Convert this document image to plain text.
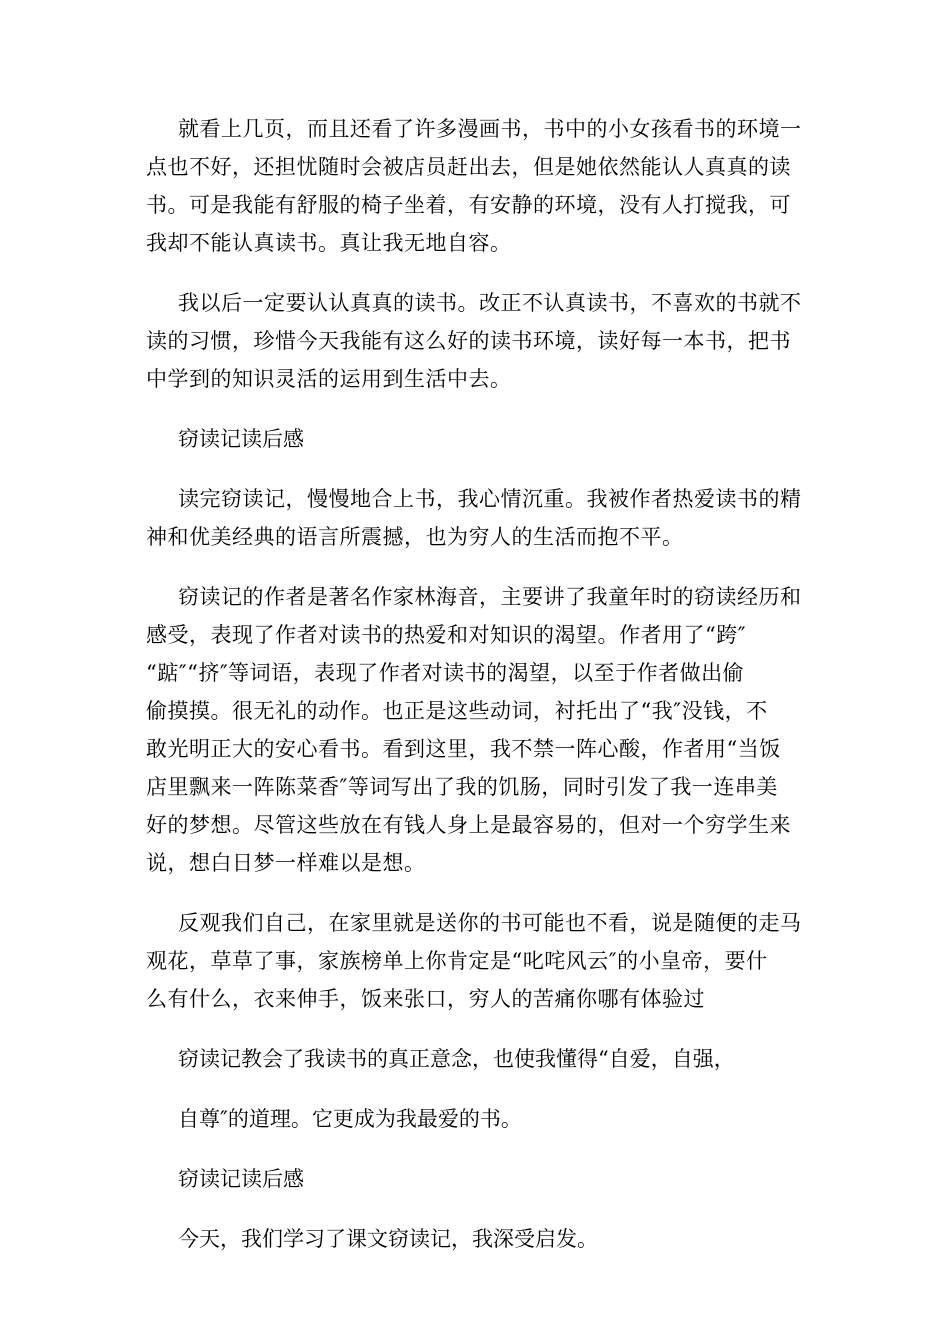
就看上几页，而且还看了许多漫画书，书中的小女孩看书的环境一
点也不好，还担忧随时会被店员赶出去，但是她依然能认人真真的读
书。可是我能有舒服的椅子坐着，有安静的环境，没有人打搅我，可
我却不能认真读书。真让我无地自容。
我以后一定要认认真真的读书。改正不认真读书，不喜欢的书就不
读的习惯，珍惜今天我能有这么好的读书环境，读好每一本书，把书
中学到的知识灵活的运用到生活中去。
窃读记读后感
读完窃读记，慢慢地合上书，我心情沉重。我被作者热爱读书的精
神和优美经典的语言所震撼，也为穷人的生活而抱不平。
窃读记的作者是著名作家林海音，主要讲了我童年时的窃读经历和
感受，表现了作者对读书的热爱和对知识的渴望。作者用了“跨″
“踮″“挤″等词语，表现了作者对读书的渴望，以至于作者做出偷
偷摸摸。很无礼的动作。也正是这些动词，衬托出了“我″没钱，不
敢光明正大的安心看书。看到这里，我不禁一阵心酸，作者用“当饭
店里飘来一阵陈菜香″等词写出了我的饥肠，同时引发了我一连串美
好的梦想。尽管这些放在有钱人身上是最容易的，但对一个穷学生来
说，想白日梦一样难以是想。
反观我们自己，在家里就是送你的书可能也不看，说是随便的走马
观花，草草了事，家族榜单上你肯定是“叱咤风云″的小皇帝，要什
么有什么，衣来伸手，饭来张口，穷人的苦痛你哪有体验过
窃读记教会了我读书的真正意念，也使我懂得“自爱，自强，
自尊″的道理。它更成为我最爱的书。
窃读记读后感
今天，我们学习了课文窃读记，我深受启发。
